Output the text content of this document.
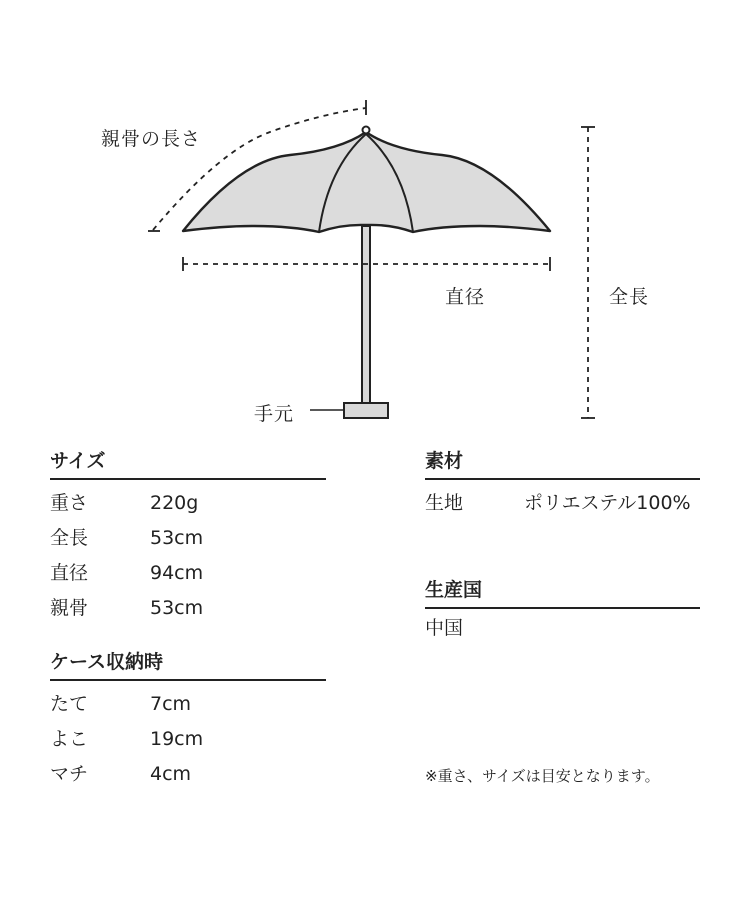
親骨の長さ
直径	全長
手元
サイズ
重さ	220g
全長	53cm
直径	94cm
親骨	53cm
ケース収納時
たて	7cm
よこ	19cm
マチ	4cm
素材
生地	ポリエステル100%
生産国
中国
※重さ、サイズは目安となります。
